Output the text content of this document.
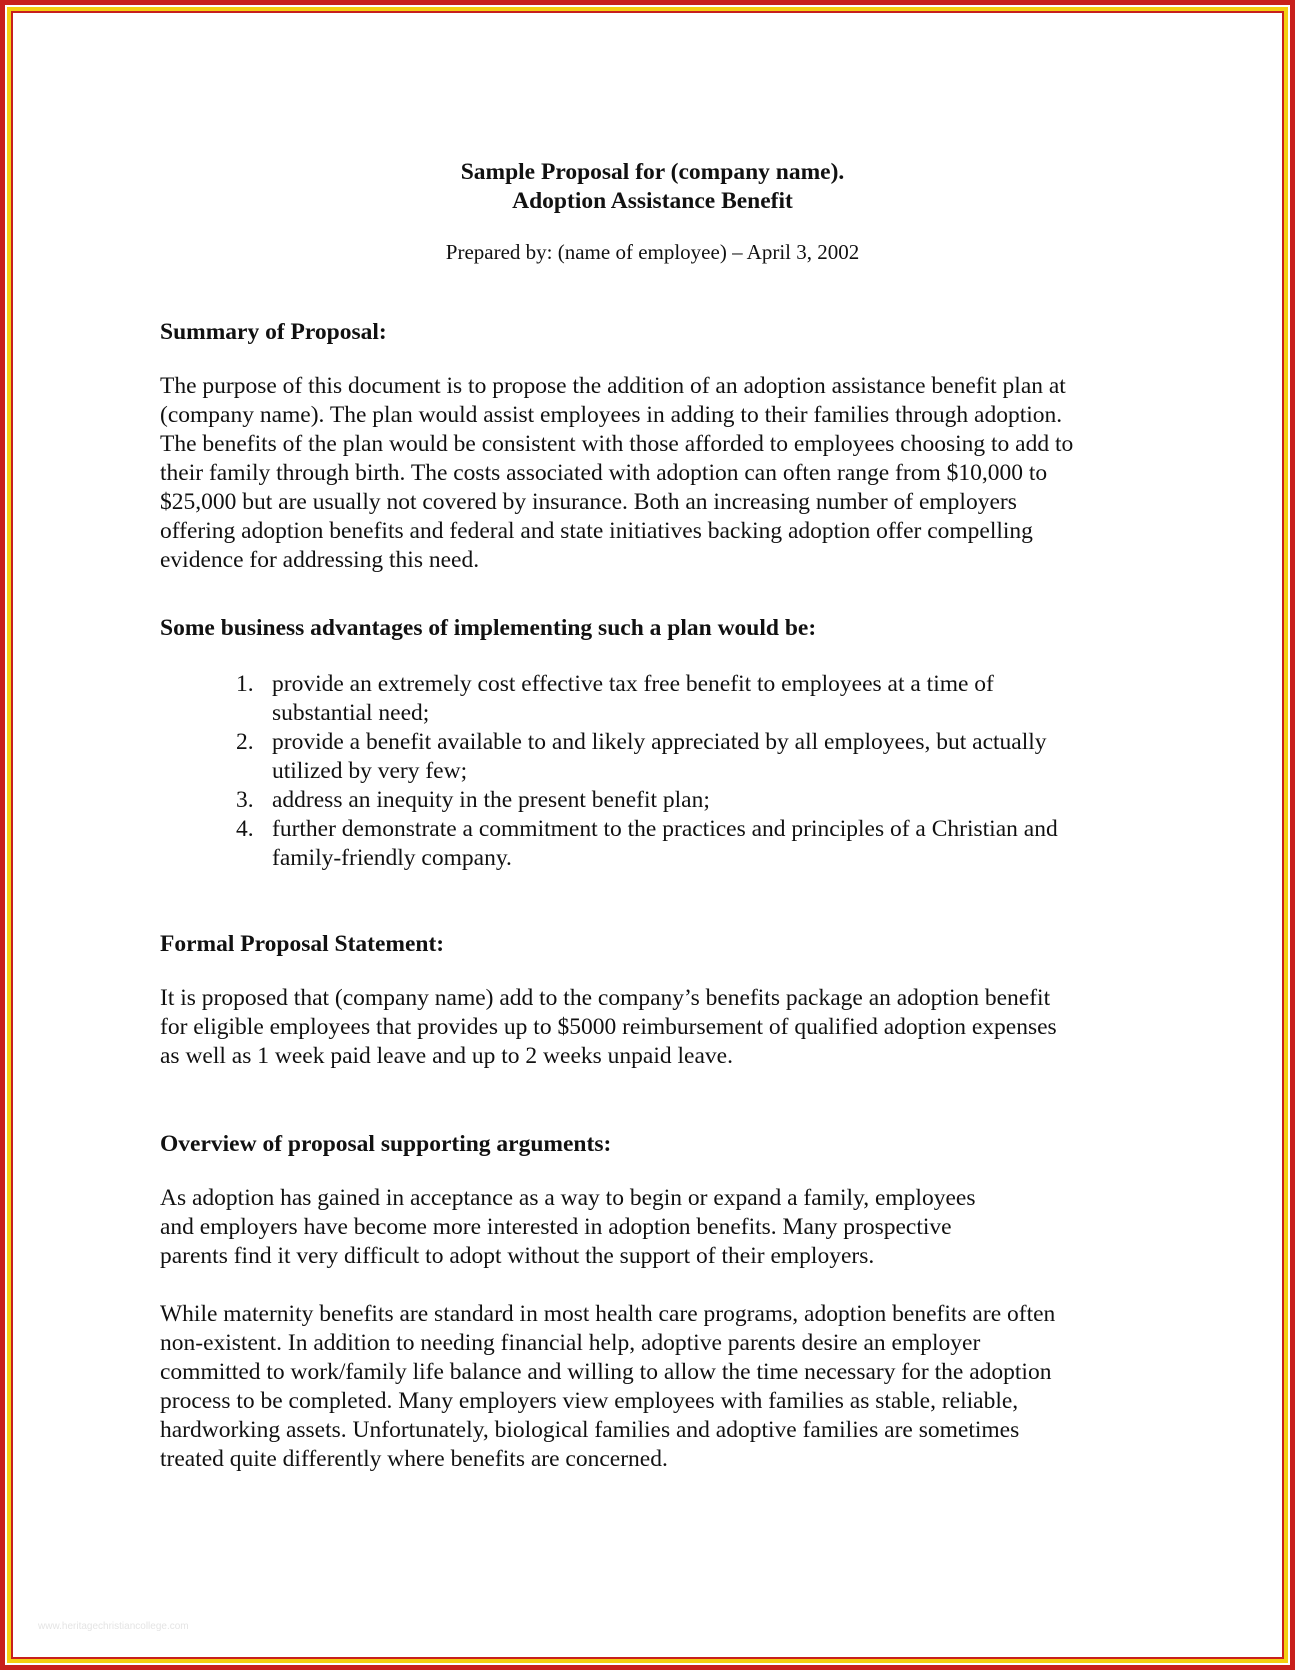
Sample Proposal for (company name).
Adoption Assistance Benefit
Prepared by: (name of employee) – April 3, 2002
Summary of Proposal:
The purpose of this document is to propose the addition of an adoption assistance benefit plan at
(company name). The plan would assist employees in adding to their families through adoption.
The benefits of the plan would be consistent with those afforded to employees choosing to add to
their family through birth. The costs associated with adoption can often range from $10,000 to
$25,000 but are usually not covered by insurance. Both an increasing number of employers
offering adoption benefits and federal and state initiatives backing adoption offer compelling
evidence for addressing this need.
Some business advantages of implementing such a plan would be:
1. provide an extremely cost effective tax free benefit to employees at a time of
substantial need;
2. provide a benefit available to and likely appreciated by all employees, but actually
utilized by very few;
3. address an inequity in the present benefit plan;
4. further demonstrate a commitment to the practices and principles of a Christian and
family-friendly company.
Formal Proposal Statement:
It is proposed that (company name) add to the company’s benefits package an adoption benefit
for eligible employees that provides up to $5000 reimbursement of qualified adoption expenses
as well as 1 week paid leave and up to 2 weeks unpaid leave.
Overview of proposal supporting arguments:
As adoption has gained in acceptance as a way to begin or expand a family, employees
and employers have become more interested in adoption benefits. Many prospective
parents find it very difficult to adopt without the support of their employers.
While maternity benefits are standard in most health care programs, adoption benefits are often
non-existent. In addition to needing financial help, adoptive parents desire an employer
committed to work/family life balance and willing to allow the time necessary for the adoption
process to be completed. Many employers view employees with families as stable, reliable,
hardworking assets. Unfortunately, biological families and adoptive families are sometimes
treated quite differently where benefits are concerned.
www.heritagechristiancollege.com
